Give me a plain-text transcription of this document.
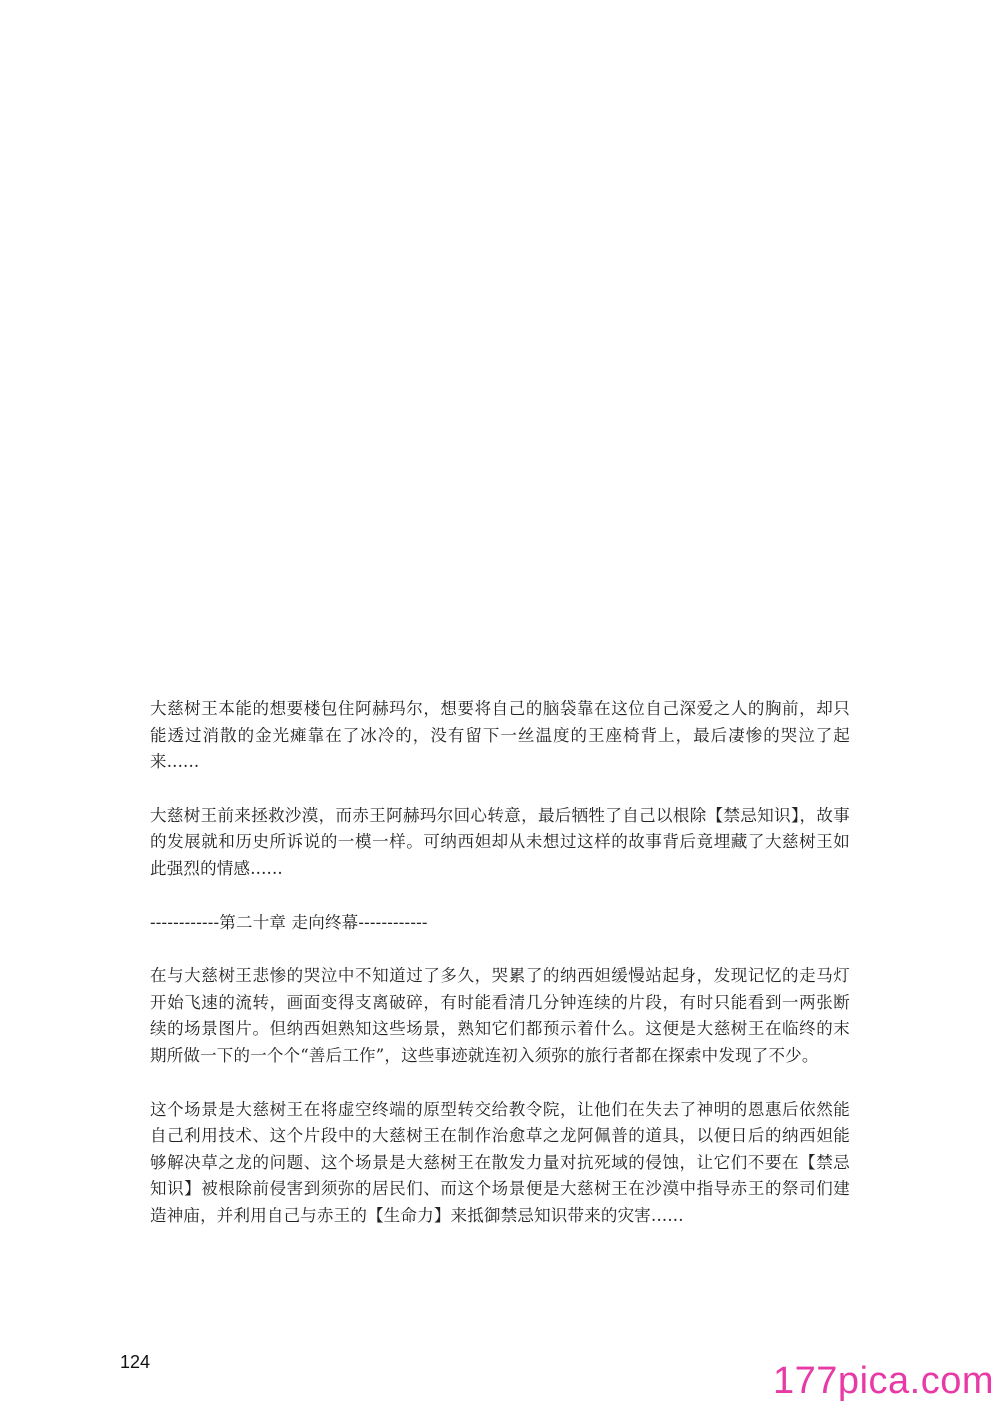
大慈树王本能的想要楼包住阿赫玛尔，想要将自己的脑袋靠在这位自己深爱之人的胸前，却只能透过消散的金光瘫靠在了冰冷的，没有留下一丝温度的王座椅背上，最后凄惨的哭泣了起来......

大慈树王前来拯救沙漠，而赤王阿赫玛尔回心转意，最后牺牲了自己以根除【禁忌知识】，故事的发展就和历史所诉说的一模一样。可纳西妲却从未想过这样的故事背后竟埋藏了大慈树王如此强烈的情感......

------------第二十章 走向终幕------------

在与大慈树王悲惨的哭泣中不知道过了多久，哭累了的纳西妲缓慢站起身，发现记忆的走马灯开始飞速的流转，画面变得支离破碎，有时能看清几分钟连续的片段，有时只能看到一两张断续的场景图片。但纳西妲熟知这些场景，熟知它们都预示着什么。这便是大慈树王在临终的末期所做一下的一个个“善后工作”，这些事迹就连初入须弥的旅行者都在探索中发现了不少。

这个场景是大慈树王在将虚空终端的原型转交给教令院，让他们在失去了神明的恩惠后依然能自己利用技术、这个片段中的大慈树王在制作治愈草之龙阿佩普的道具，以便日后的纳西妲能够解决草之龙的问题、这个场景是大慈树王在散发力量对抗死域的侵蚀，让它们不要在【禁忌知识】被根除前侵害到须弥的居民们、而这个场景便是大慈树王在沙漠中指导赤王的祭司们建造神庙，并利用自己与赤王的【生命力】来抵御禁忌知识带来的灾害......

124	177pica.com
